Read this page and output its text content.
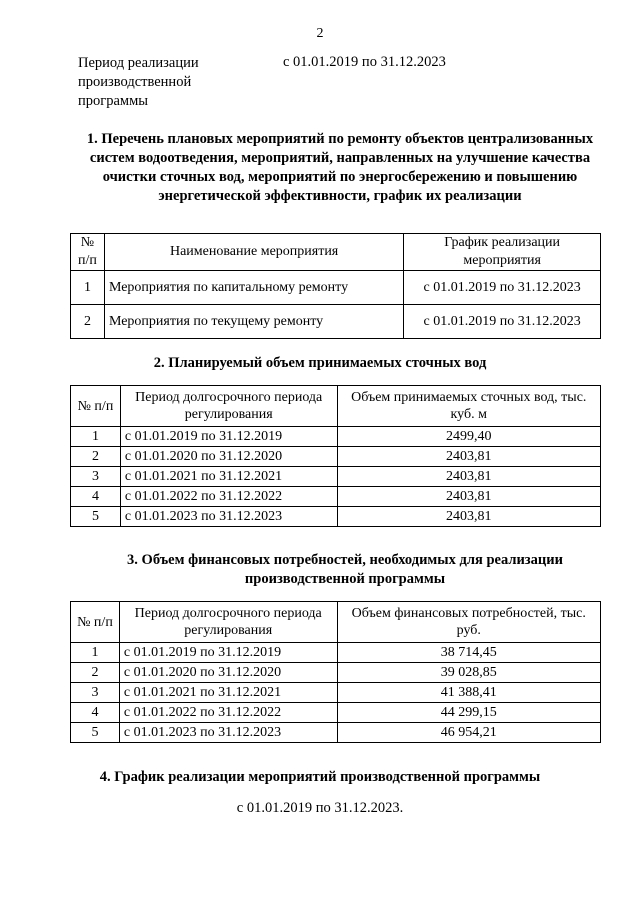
2
Период реализации производственной программы
с 01.01.2019 по 31.12.2023
1. Перечень плановых мероприятий по ремонту объектов централизованных систем водоотведения, мероприятий, направленных на улучшение качества очистки сточных вод, мероприятий по энергосбережению и повышению энергетической эффективности, график их реализации
№ п/п	Наименование мероприятия	График реализации мероприятия
1	Мероприятия по капитальному ремонту	с 01.01.2019 по 31.12.2023
2	Мероприятия по текущему ремонту	с 01.01.2019 по 31.12.2023
2. Планируемый объем принимаемых сточных вод
№ п/п	Период долгосрочного периода регулирования	Объем принимаемых сточных вод, тыс. куб. м
1	с 01.01.2019 по 31.12.2019	2499,40
2	с 01.01.2020 по 31.12.2020	2403,81
3	с 01.01.2021 по 31.12.2021	2403,81
4	с 01.01.2022 по 31.12.2022	2403,81
5	с 01.01.2023 по 31.12.2023	2403,81
3. Объем финансовых потребностей, необходимых для реализации производственной программы
№ п/п	Период долгосрочного периода регулирования	Объем финансовых потребностей, тыс. руб.
1	с 01.01.2019 по 31.12.2019	38 714,45
2	с 01.01.2020 по 31.12.2020	39 028,85
3	с 01.01.2021 по 31.12.2021	41 388,41
4	с 01.01.2022 по 31.12.2022	44 299,15
5	с 01.01.2023 по 31.12.2023	46 954,21
4. График реализации мероприятий производственной программы
с 01.01.2019 по 31.12.2023.
